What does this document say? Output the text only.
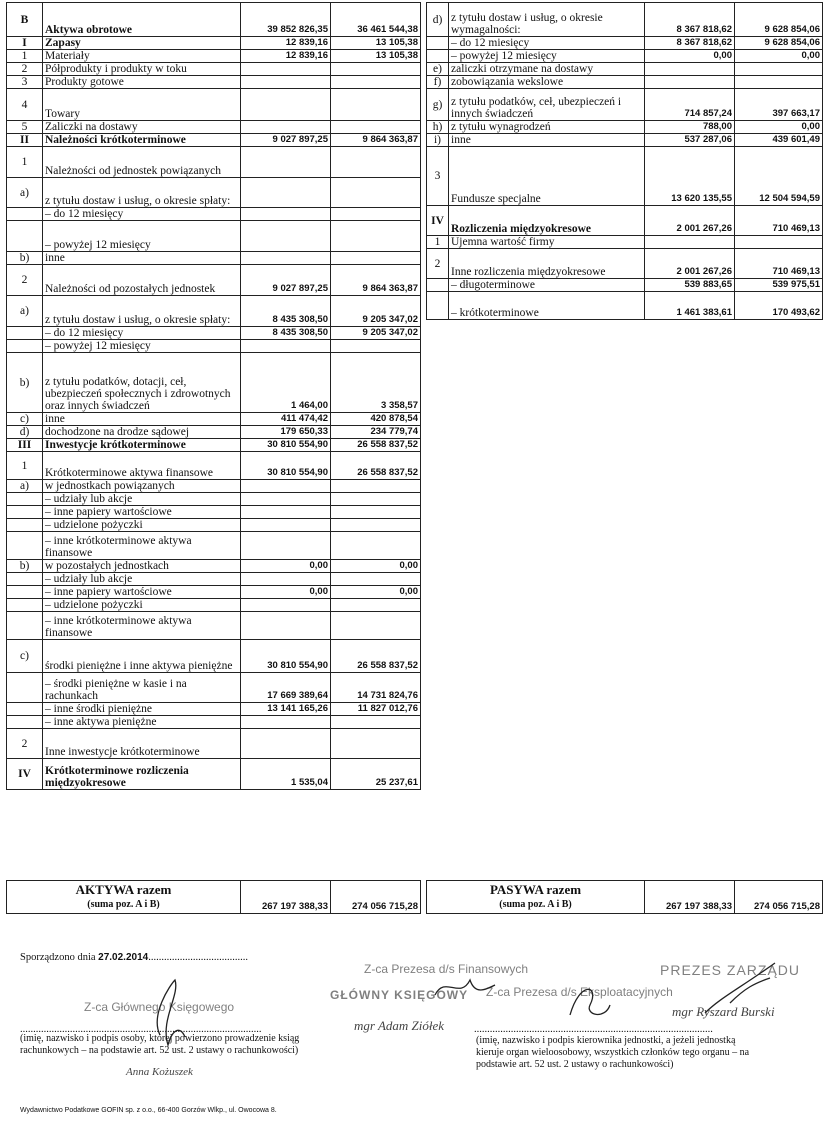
B	Aktywa obrotowe	39 852 826,35	36 461 544,38
I	Zapasy	12 839,16	13 105,38
1	Materiały	12 839,16	13 105,38
2	Półprodukty i produkty w toku		
3	Produkty gotowe		
4	Towary		
5	Zaliczki na dostawy		
II	Należności krótkoterminowe	9 027 897,25	9 864 363,87
1	Należności od jednostek powiązanych		
a)	z tytułu dostaw i usług, o okresie spłaty:		
	– do 12 miesięcy		
	– powyżej 12 miesięcy		
b)	inne		
2	Należności od pozostałych jednostek	9 027 897,25	9 864 363,87
a)	z tytułu dostaw i usług, o okresie spłaty:	8 435 308,50	9 205 347,02
	– do 12 miesięcy	8 435 308,50	9 205 347,02
	– powyżej 12 miesięcy		
b)	z tytułu podatków, dotacji, ceł, ubezpieczeń społecznych i zdrowotnych oraz innych świadczeń	1 464,00	3 358,57
c)	inne	411 474,42	420 878,54
d)	dochodzone na drodze sądowej	179 650,33	234 779,74
III	Inwestycje krótkoterminowe	30 810 554,90	26 558 837,52
1	Krótkoterminowe aktywa finansowe	30 810 554,90	26 558 837,52
a)	w jednostkach powiązanych		
	– udziały lub akcje		
	– inne papiery wartościowe		
	– udzielone pożyczki		
	– inne krótkoterminowe aktywa finansowe		
b)	w pozostałych jednostkach	0,00	0,00
	– udziały lub akcje		
	– inne papiery wartościowe	0,00	0,00
	– udzielone pożyczki		
	– inne krótkoterminowe aktywa finansowe		
c)	środki pieniężne i inne aktywa pieniężne	30 810 554,90	26 558 837,52
	– środki pieniężne w kasie i na rachunkach	17 669 389,64	14 731 824,76
	– inne środki pieniężne	13 141 165,26	11 827 012,76
	– inne aktywa pieniężne		
2	Inne inwestycje krótkoterminowe		
IV	Krótkoterminowe rozliczenia międzyokresowe	1 535,04	25 237,61
d)	z tytułu dostaw i usług, o okresie wymagalności:	8 367 818,62	9 628 854,06
	– do 12 miesięcy	8 367 818,62	9 628 854,06
	– powyżej 12 miesięcy	0,00	0,00
e)	zaliczki otrzymane na dostawy		
f)	zobowiązania wekslowe		
g)	z tytułu podatków, ceł, ubezpieczeń i innych świadczeń	714 857,24	397 663,17
h)	z tytułu wynagrodzeń	788,00	0,00
i)	inne	537 287,06	439 601,49
3	Fundusze specjalne	13 620 135,55	12 504 594,59
IV	Rozliczenia międzyokresowe	2 001 267,26	710 469,13
1	Ujemna wartość firmy		
2	Inne rozliczenia międzyokresowe	2 001 267,26	710 469,13
	– długoterminowe	539 883,65	539 975,51
	– krótkoterminowe	1 461 383,61	170 493,62
AKTYWA razem
(suma poz. A i B)	267 197 388,33	274 056 715,28
PASYWA razem
(suma poz. A i B)	267 197 388,33	274 056 715,28
Sporządzono dnia 27.02.2014......................................
Z-ca Prezesa d/s Finansowych
GŁÓWNY KSIĘGOWY
mgr Adam Ziółek
Z-ca Prezesa d/s Eksploatacyjnych
PREZES ZARZĄDU
mgr Ryszard Burski
Z-ca Głównego Księgowego
Anna Kożuszek
............................................................................................
(imię, nazwisko i podpis osoby, której powierzono prowadzenie ksiąg rachunkowych – na podstawie art. 52 ust. 2 ustawy o rachunkowości)
...........................................................................................
(imię, nazwisko i podpis kierownika jednostki, a jeżeli jednostką kieruje organ wieloosobowy, wszystkich członków tego organu – na podstawie art. 52 ust. 2 ustawy o rachunkowości)
Wydawnictwo Podatkowe GOFIN sp. z o.o., 66-400 Gorzów Wlkp., ul. Owocowa 8.
